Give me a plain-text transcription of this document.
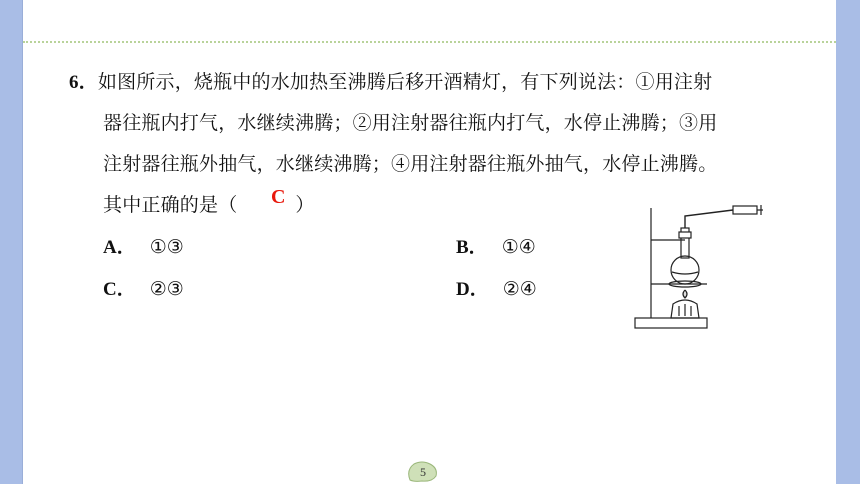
6．如图所示，烧瓶中的水加热至沸腾后移开酒精灯，有下列说法：①用注射
器往瓶内打气，水继续沸腾；②用注射器往瓶内打气，水停止沸腾；③用
注射器往瓶外抽气，水继续沸腾；④用注射器往瓶外抽气，水停止沸腾。
其中正确的是（	）
C
A． ①③	B． ①④
C． ②③	D． ②④
5
